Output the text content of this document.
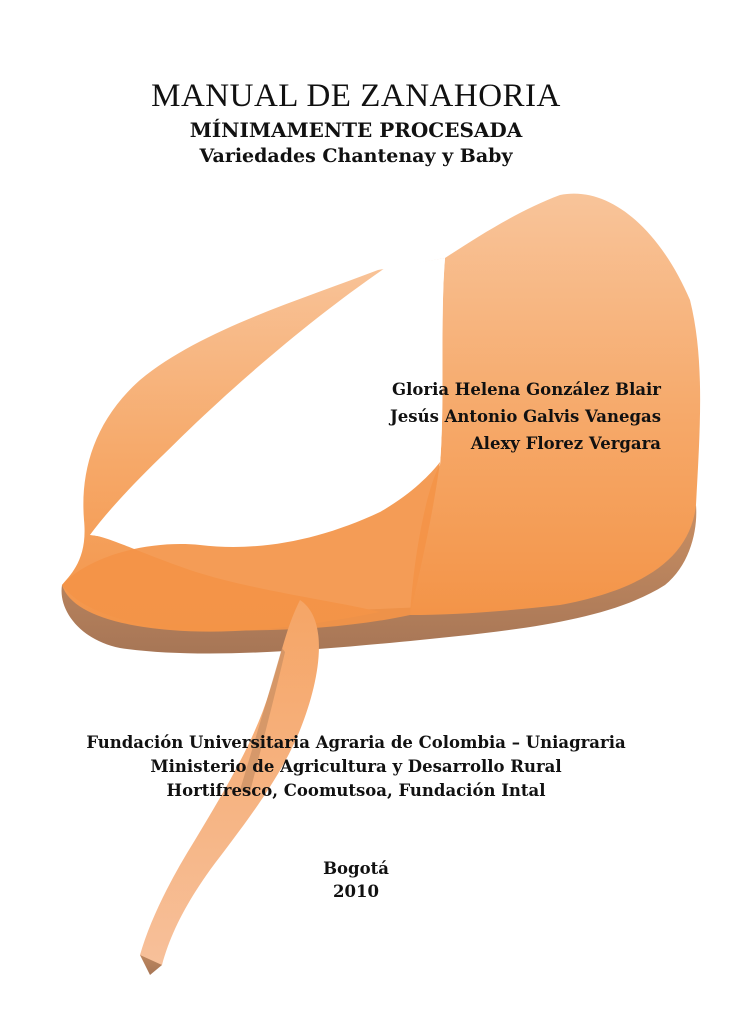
MANUAL DE ZANAHORIA
MÍNIMAMENTE PROCESADA
Variedades Chantenay y Baby
Gloria Helena González Blair
Jesús Antonio Galvis Vanegas
Alexy Florez Vergara
Fundación Universitaria Agraria de Colombia – Uniagraria
Ministerio de Agricultura y Desarrollo Rural
Hortifresco, Coomutsoa, Fundación Intal
Bogotá
2010
